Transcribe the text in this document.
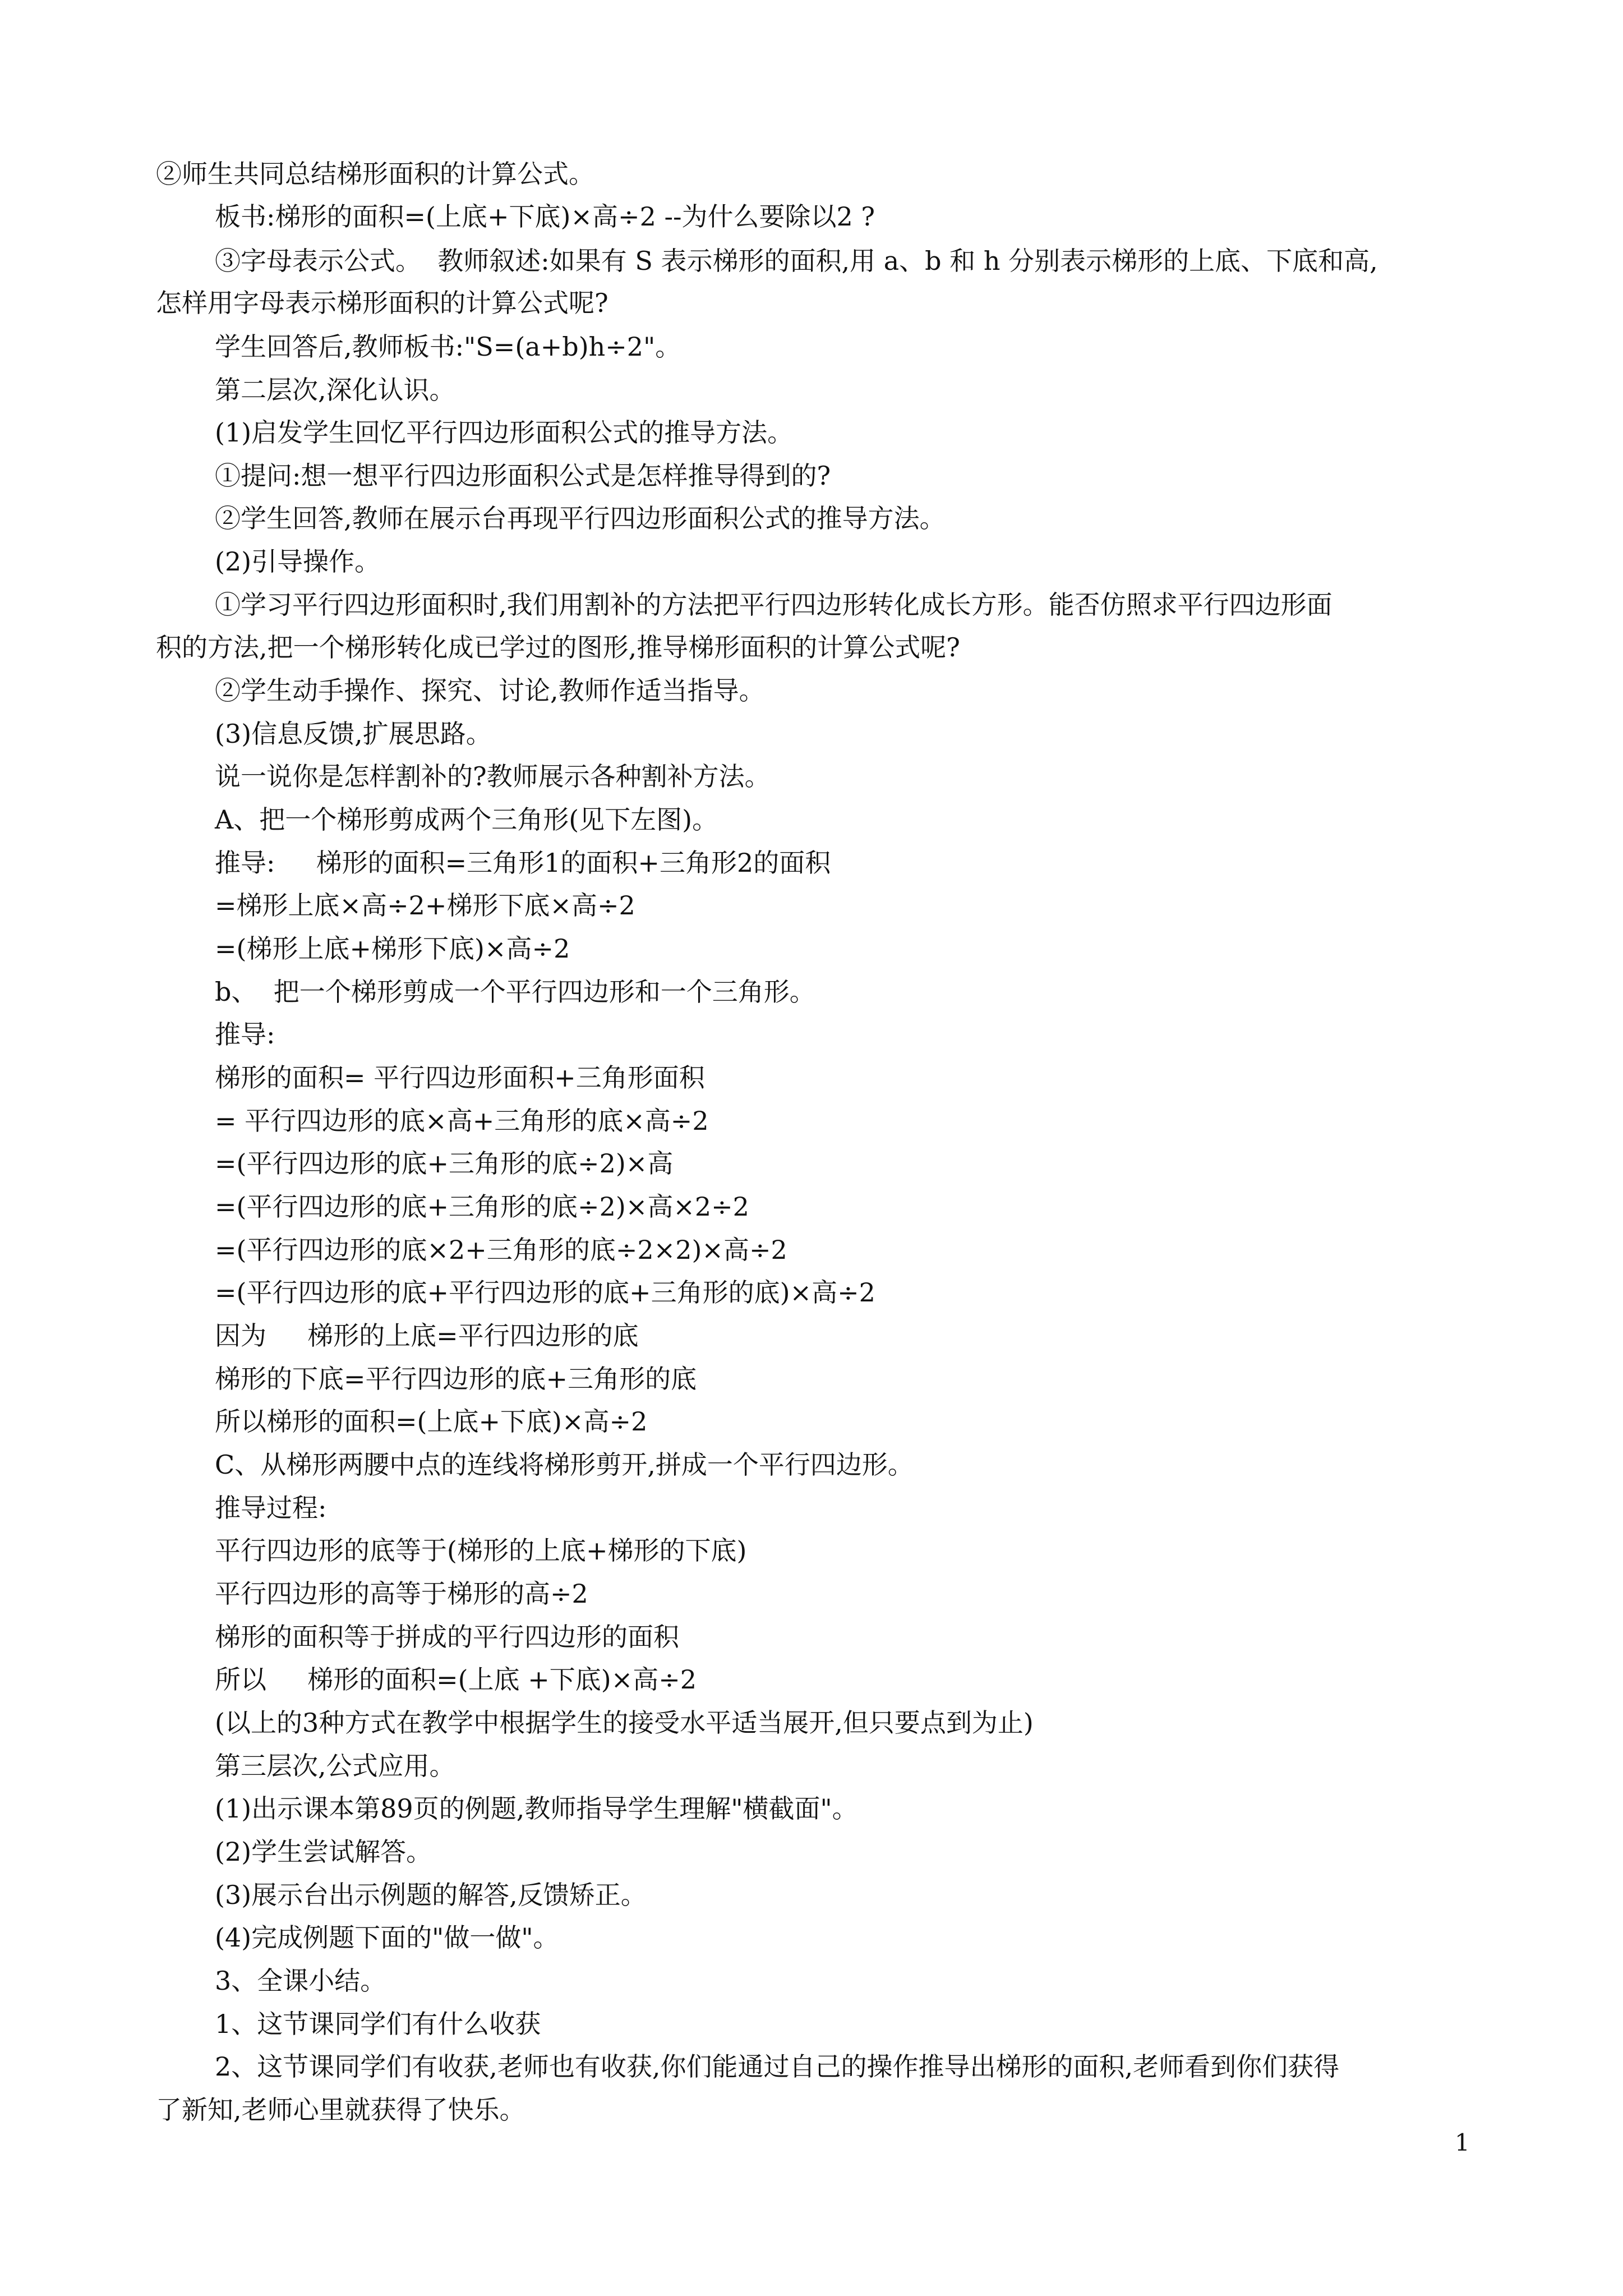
②师生共同总结梯形面积的计算公式。
板书:梯形的面积=(上底+下底)×高÷2 --为什么要除以2 ?
③字母表示公式。  教师叙述:如果有 S 表示梯形的面积,用 a、b 和 h 分别表示梯形的上底、下底和高,
怎样用字母表示梯形面积的计算公式呢?
学生回答后,教师板书:"S=(a+b)h÷2"。
第二层次,深化认识。
(1)启发学生回忆平行四边形面积公式的推导方法。
①提问:想一想平行四边形面积公式是怎样推导得到的?
②学生回答,教师在展示台再现平行四边形面积公式的推导方法。
(2)引导操作。
①学习平行四边形面积时,我们用割补的方法把平行四边形转化成长方形。能否仿照求平行四边形面
积的方法,把一个梯形转化成已学过的图形,推导梯形面积的计算公式呢?
②学生动手操作、探究、讨论,教师作适当指导。
(3)信息反馈,扩展思路。
说一说你是怎样割补的?教师展示各种割补方法。
A、把一个梯形剪成两个三角形(见下左图)。
推导:     梯形的面积=三角形1的面积+三角形2的面积
=梯形上底×高÷2+梯形下底×高÷2
=(梯形上底+梯形下底)×高÷2
b、  把一个梯形剪成一个平行四边形和一个三角形。
推导:
梯形的面积= 平行四边形面积+三角形面积
= 平行四边形的底×高+三角形的底×高÷2
=(平行四边形的底+三角形的底÷2)×高
=(平行四边形的底+三角形的底÷2)×高×2÷2
=(平行四边形的底×2+三角形的底÷2×2)×高÷2
=(平行四边形的底+平行四边形的底+三角形的底)×高÷2
因为     梯形的上底=平行四边形的底
梯形的下底=平行四边形的底+三角形的底
所以梯形的面积=(上底+下底)×高÷2
C、从梯形两腰中点的连线将梯形剪开,拼成一个平行四边形。
推导过程:
平行四边形的底等于(梯形的上底+梯形的下底)
平行四边形的高等于梯形的高÷2
梯形的面积等于拼成的平行四边形的面积
所以     梯形的面积=(上底 +下底)×高÷2
(以上的3种方式在教学中根据学生的接受水平适当展开,但只要点到为止)
第三层次,公式应用。
(1)出示课本第89页的例题,教师指导学生理解"横截面"。
(2)学生尝试解答。
(3)展示台出示例题的解答,反馈矫正。
(4)完成例题下面的"做一做"。
3、全课小结。
1、这节课同学们有什么收获
2、这节课同学们有收获,老师也有收获,你们能通过自己的操作推导出梯形的面积,老师看到你们获得
了新知,老师心里就获得了快乐。
1
